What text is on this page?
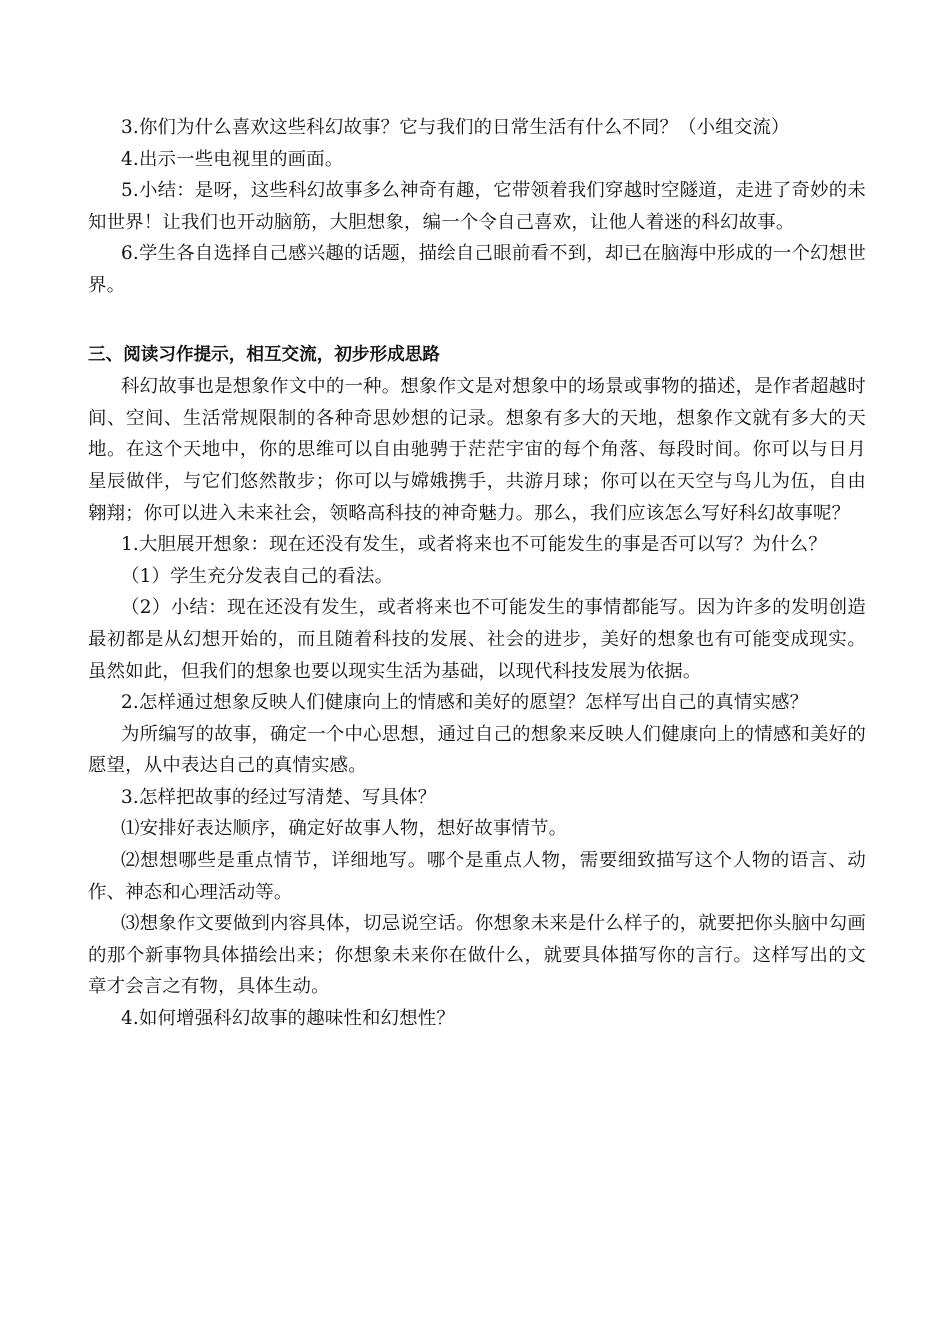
3.你们为什么喜欢这些科幻故事？它与我们的日常生活有什么不同？（小组交流）

4.出示一些电视里的画面。

5.小结：是呀，这些科幻故事多么神奇有趣，它带领着我们穿越时空隧道，走进了奇妙的未知世界！让我们也开动脑筋，大胆想象，编一个令自己喜欢，让他人着迷的科幻故事。

6.学生各自选择自己感兴趣的话题，描绘自己眼前看不到，却已在脑海中形成的一个幻想世界。

三、阅读习作提示，相互交流，初步形成思路

科幻故事也是想象作文中的一种。想象作文是对想象中的场景或事物的描述，是作者超越时间、空间、生活常规限制的各种奇思妙想的记录。想象有多大的天地，想象作文就有多大的天地。在这个天地中，你的思维可以自由驰骋于茫茫宇宙的每个角落、每段时间。你可以与日月星辰做伴，与它们悠然散步；你可以与嫦娥携手，共游月球；你可以在天空与鸟儿为伍，自由翱翔；你可以进入未来社会，领略高科技的神奇魅力。那么，我们应该怎么写好科幻故事呢？

1.大胆展开想象：现在还没有发生，或者将来也不可能发生的事是否可以写？为什么？

（1）学生充分发表自己的看法。

（2）小结：现在还没有发生，或者将来也不可能发生的事情都能写。因为许多的发明创造最初都是从幻想开始的，而且随着科技的发展、社会的进步，美好的想象也有可能变成现实。虽然如此，但我们的想象也要以现实生活为基础，以现代科技发展为依据。

2.怎样通过想象反映人们健康向上的情感和美好的愿望？怎样写出自己的真情实感？

为所编写的故事，确定一个中心思想，通过自己的想象来反映人们健康向上的情感和美好的愿望，从中表达自己的真情实感。

3.怎样把故事的经过写清楚、写具体？

⑴安排好表达顺序，确定好故事人物，想好故事情节。

⑵想想哪些是重点情节，详细地写。哪个是重点人物，需要细致描写这个人物的语言、动作、神态和心理活动等。

⑶想象作文要做到内容具体，切忌说空话。你想象未来是什么样子的，就要把你头脑中勾画的那个新事物具体描绘出来；你想象未来你在做什么，就要具体描写你的言行。这样写出的文章才会言之有物，具体生动。

4.如何增强科幻故事的趣味性和幻想性？
